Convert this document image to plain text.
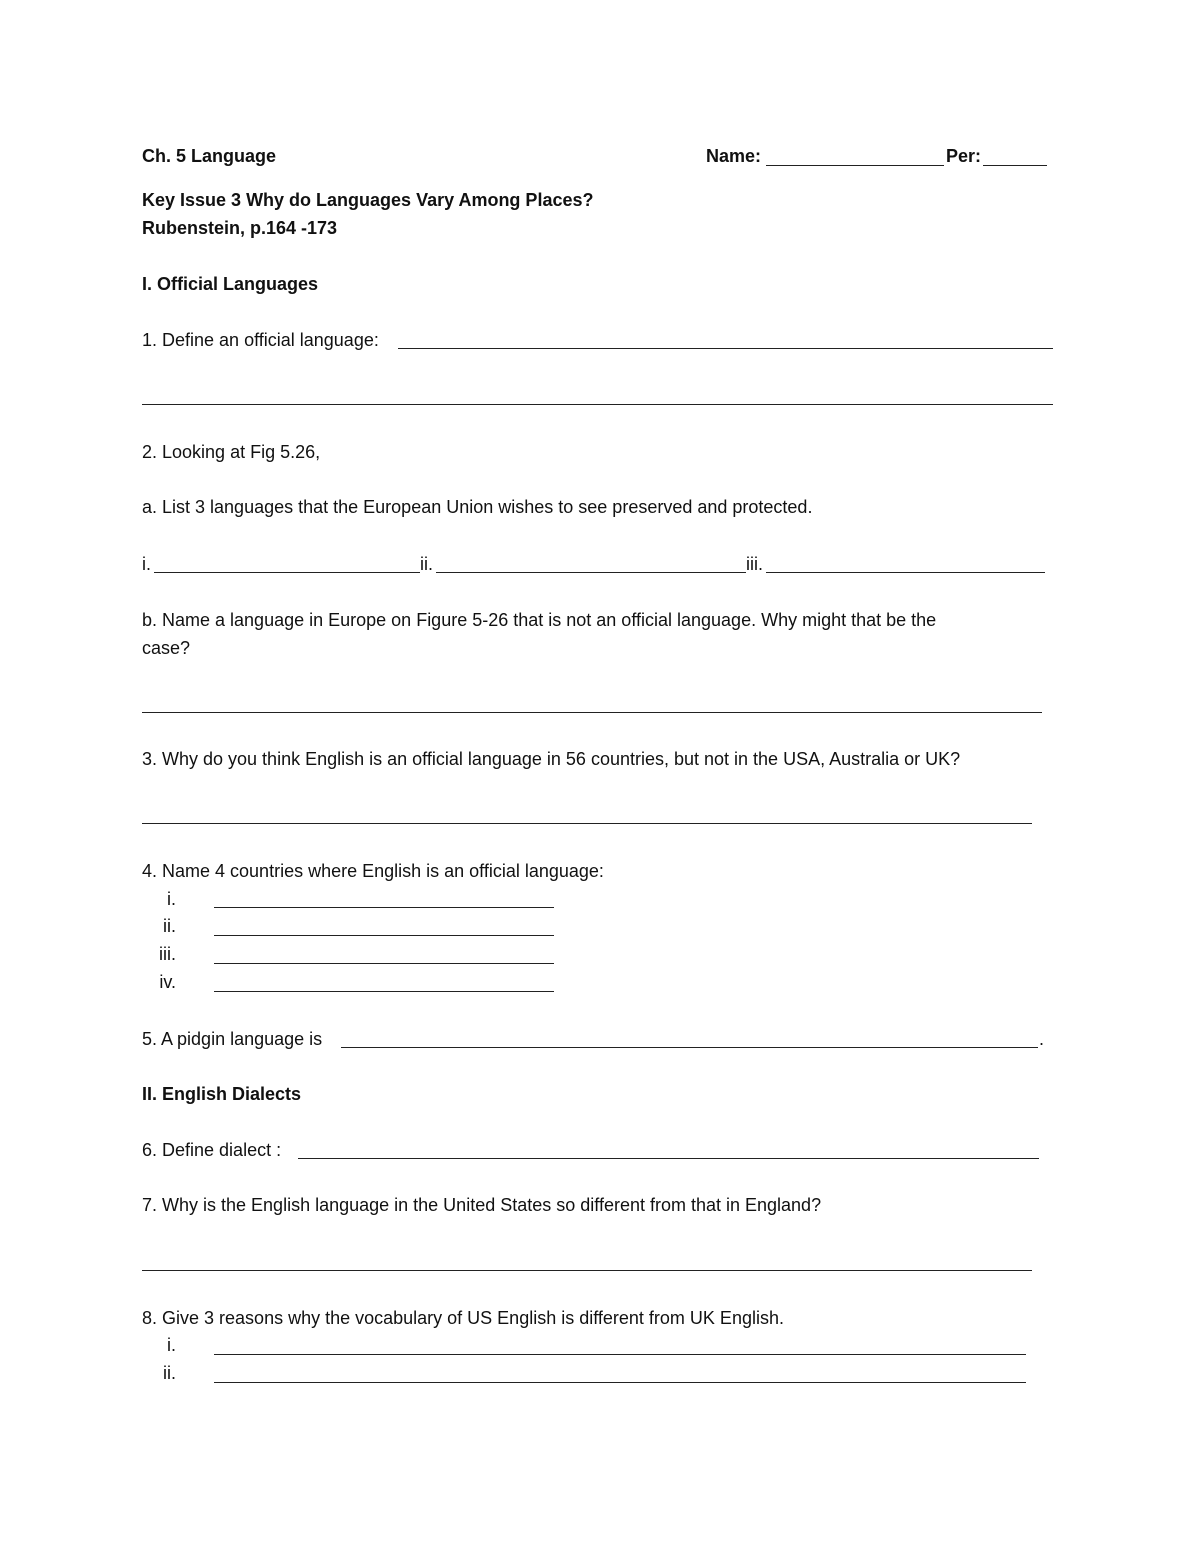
Ch. 5 Language	Name:	Per:
Key Issue 3 Why do Languages Vary Among Places?
Rubenstein, p.164 -173
I. Official Languages
1. Define an official language:
2. Looking at Fig 5.26,
a. List 3 languages that the European Union wishes to see preserved and protected.
i.	ii.	iii.
b. Name a language in Europe on Figure 5-26 that is not an official language. Why might that be the
case?
3. Why do you think English is an official language in 56 countries, but not in the USA, Australia or UK?
4. Name 4 countries where English is an official language:
i.
ii.
iii.
iv.
5. A pidgin language is	.
II. English Dialects
6. Define dialect :
7. Why is the English language in the United States so different from that in England?
8. Give 3 reasons why the vocabulary of US English is different from UK English.
i.
ii.
